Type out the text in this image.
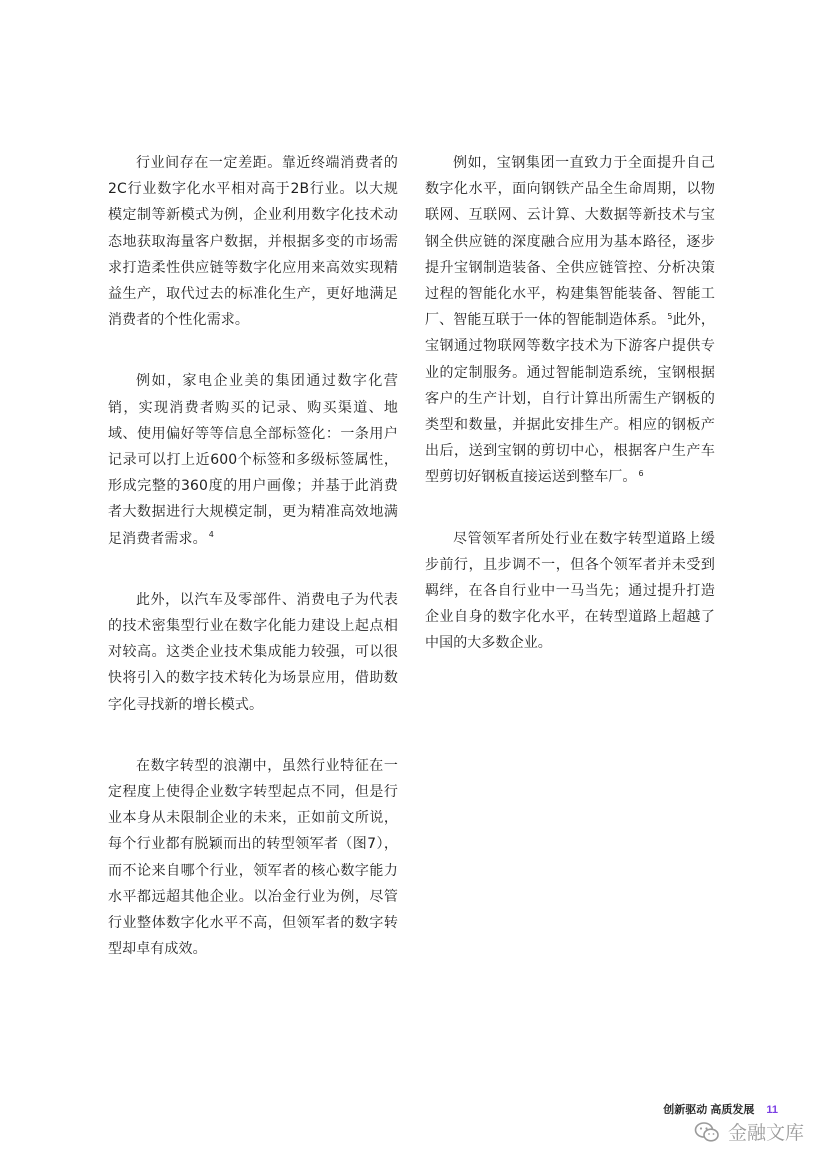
行业间存在一定差距。靠近终端消费者的2C行业数字化水平相对高于2B行业。以大规模定制等新模式为例，企业利用数字化技术动态地获取海量客户数据，并根据多变的市场需求打造柔性供应链等数字化应用来高效实现精益生产，取代过去的标准化生产，更好地满足消费者的个性化需求。

例如，家电企业美的集团通过数字化营销，实现消费者购买的记录、购买渠道、地域、使用偏好等等信息全部标签化：一条用户记录可以打上近600个标签和多级标签属性，形成完整的360度的用户画像；并基于此消费者大数据进行大规模定制，更为精准高效地满足消费者需求。 $^4$

此外，以汽车及零部件、消费电子为代表的技术密集型行业在数字化能力建设上起点相对较高。这类企业技术集成能力较强，可以很快将引入的数字技术转化为场景应用，借助数字化寻找新的增长模式。

在数字转型的浪潮中，虽然行业特征在一定程度上使得企业数字转型起点不同，但是行业本身从未限制企业的未来，正如前文所说，每个行业都有脱颖而出的转型领军者（图7），而不论来自哪个行业，领军者的核心数字能力水平都远超其他企业。以冶金行业为例，尽管行业整体数字化水平不高，但领军者的数字转型却卓有成效。

例如，宝钢集团一直致力于全面提升自己数字化水平，面向钢铁产品全生命周期，以物联网、互联网、云计算、大数据等新技术与宝钢全供应链的深度融合应用为基本路径，逐步提升宝钢制造装备、全供应链管控、分析决策过程的智能化水平，构建集智能装备、智能工厂、智能互联于一体的智能制造体系。 $^5$此外，宝钢通过物联网等数字技术为下游客户提供专业的定制服务。通过智能制造系统，宝钢根据客户的生产计划，自行计算出所需生产钢板的类型和数量，并据此安排生产。相应的钢板产出后，送到宝钢的剪切中心，根据客户生产车型剪切好钢板直接运送到整车厂。 $^6$

尽管领军者所处行业在数字转型道路上缓步前行，且步调不一，但各个领军者并未受到羁绊，在各自行业中一马当先；通过提升打造企业自身的数字化水平，在转型道路上超越了中国的大多数企业。

创新驱动 高质发展 11
金融文库
